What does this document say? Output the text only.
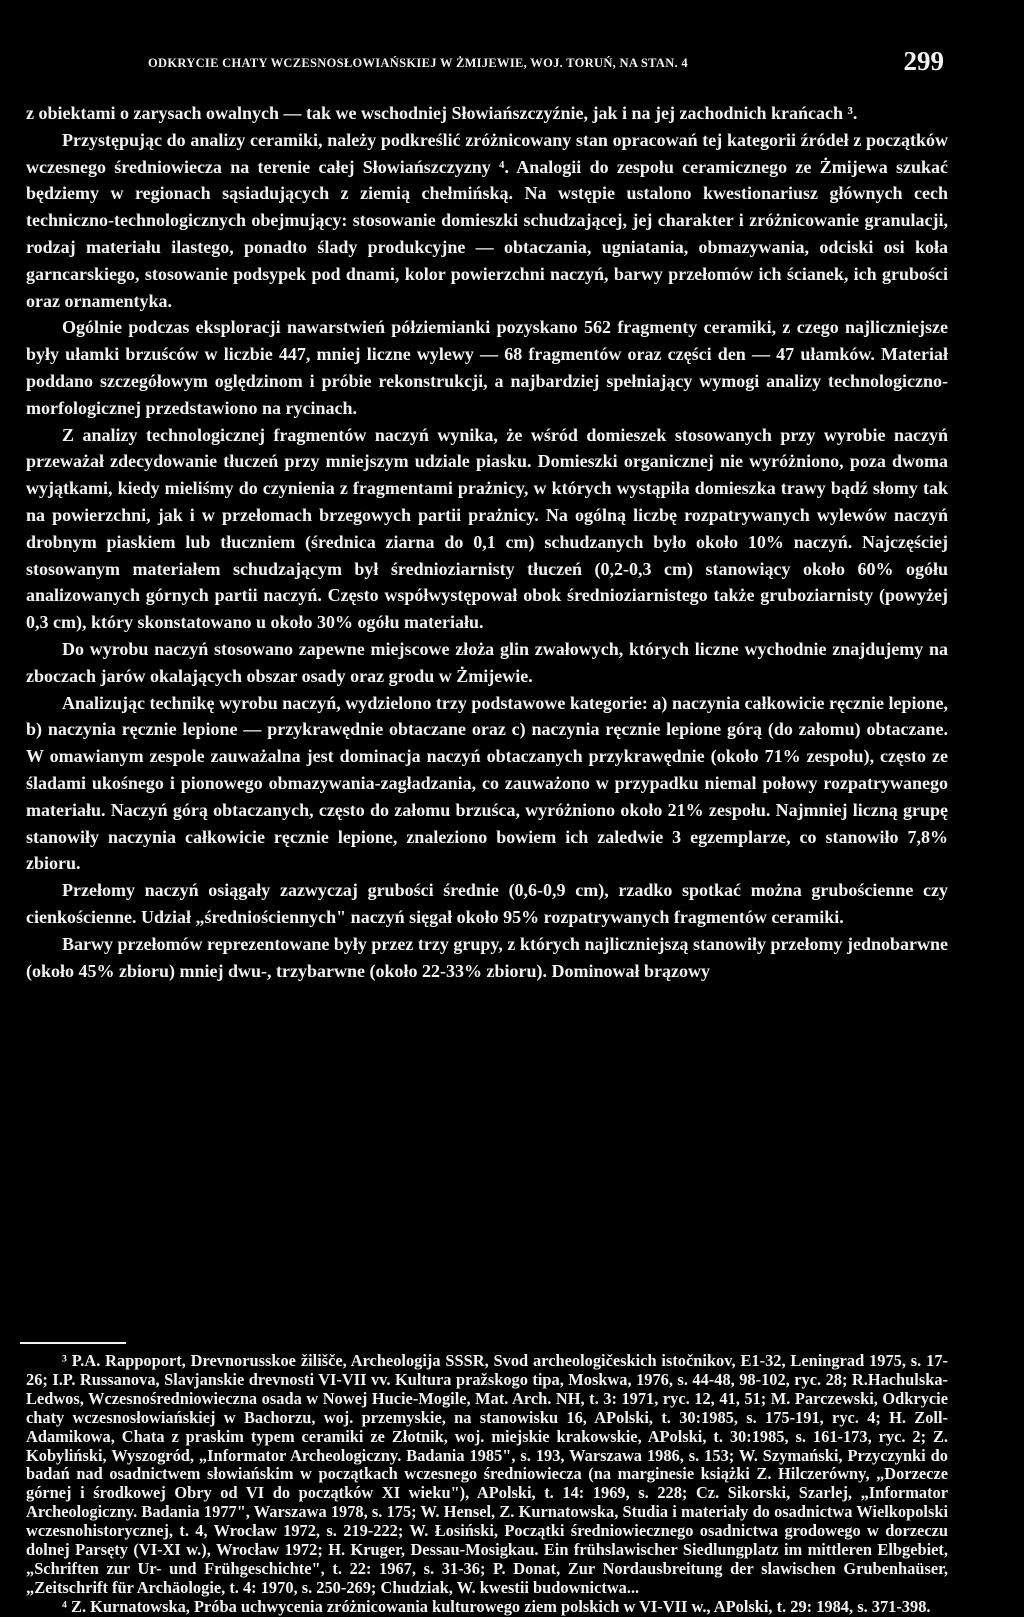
ODKRYCIE CHATY WCZESNOSŁOWIAŃSKIEJ W ŻMIJEWIE, WOJ. TORUŃ, NA STAN. 4	299

z obiektami o zarysach owalnych — tak we wschodniej Słowiańszczyźnie, jak i na jej zachodnich krańcach ³.

Przystępując do analizy ceramiki, należy podkreślić zróżnicowany stan opracowań tej kategorii źródeł z początków wczesnego średniowiecza na terenie całej Słowiańszczyzny ⁴. Analogii do zespołu ceramicznego ze Żmijewa szukać będziemy w regionach sąsiadujących z ziemią chełmińską. Na wstępie ustalono kwestionariusz głównych cech techniczno-technologicznych obejmujący: stosowanie domieszki schudzającej, jej charakter i zróżnicowanie granulacji, rodzaj materiału ilastego, ponadto ślady produkcyjne — obtaczania, ugniatania, obmazywania, odciski osi koła garncarskiego, stosowanie podsypek pod dnami, kolor powierzchni naczyń, barwy przełomów ich ścianek, ich grubości oraz ornamentyka.

Ogólnie podczas eksploracji nawarstwień półziemianki pozyskano 562 fragmenty ceramiki, z czego najliczniejsze były ułamki brzuśców w liczbie 447, mniej liczne wylewy — 68 fragmentów oraz części den — 47 ułamków. Materiał poddano szczegółowym oględzinom i próbie rekonstrukcji, a najbardziej spełniający wymogi analizy technologiczno-morfologicznej przedstawiono na rycinach.

Z analizy technologicznej fragmentów naczyń wynika, że wśród domieszek stosowanych przy wyrobie naczyń przeważał zdecydowanie tłuczeń przy mniejszym udziale piasku. Domieszki organicznej nie wyróżniono, poza dwoma wyjątkami, kiedy mieliśmy do czynienia z fragmentami prażnicy, w których wystąpiła domieszka trawy bądź słomy tak na powierzchni, jak i w przełomach brzegowych partii prażnicy. Na ogólną liczbę rozpatrywanych wylewów naczyń drobnym piaskiem lub tłuczniem (średnica ziarna do 0,1 cm) schudzanych było około 10% naczyń. Najczęściej stosowanym materiałem schudzającym był średnioziarnisty tłuczeń (0,2-0,3 cm) stanowiący około 60% ogółu analizowanych górnych partii naczyń. Często współwystępował obok średnioziarnistego także gruboziarnisty (powyżej 0,3 cm), który skonstatowano u około 30% ogółu materiału.

Do wyrobu naczyń stosowano zapewne miejscowe złoża glin zwałowych, których liczne wychodnie znajdujemy na zboczach jarów okalających obszar osady oraz grodu w Żmijewie.

Analizując technikę wyrobu naczyń, wydzielono trzy podstawowe kategorie: a) naczynia całkowicie ręcznie lepione, b) naczynia ręcznie lepione — przykrawędnie obtaczane oraz c) naczynia ręcznie lepione górą (do załomu) obtaczane. W omawianym zespole zauważalna jest dominacja naczyń obtaczanych przykrawędnie (około 71% zespołu), często ze śladami ukośnego i pionowego obmazywania-zagładzania, co zauważono w przypadku niemal połowy rozpatrywanego materiału. Naczyń górą obtaczanych, często do załomu brzuśca, wyróżniono około 21% zespołu. Najmniej liczną grupę stanowiły naczynia całkowicie ręcznie lepione, znaleziono bowiem ich zaledwie 3 egzemplarze, co stanowiło 7,8% zbioru.

Przełomy naczyń osiągały zazwyczaj grubości średnie (0,6-0,9 cm), rzadko spotkać można grubościenne czy cienkościenne. Udział „średniościennych" naczyń sięgał około 95% rozpatrywanych fragmentów ceramiki.

Barwy przełomów reprezentowane były przez trzy grupy, z których najliczniejszą stanowiły przełomy jednobarwne (około 45% zbioru) mniej dwu-, trzybarwne (około 22-33% zbioru). Dominował brązowy

³ P.A. Rappoport, Drevnorusskoe žilišče, Archeologija SSSR, Svod archeologičeskich istočnikov, E1-32, Leningrad 1975, s. 17-26; I.P. Russanova, Slavjanskie drevnosti VI-VII vv. Kultura pražskogo tipa, Moskwa, 1976, s. 44-48, 98-102, ryc. 28; R.Hachulska-Ledwos, Wczesnośredniowieczna osada w Nowej Hucie-Mogile, Mat. Arch. NH, t. 3: 1971, ryc. 12, 41, 51; M. Parczewski, Odkrycie chaty wczesnosłowiańskiej w Bachorzu, woj. przemyskie, na stanowisku 16, APolski, t. 30:1985, s. 175-191, ryc. 4; H. Zoll-Adamikowa, Chata z praskim typem ceramiki ze Złotnik, woj. miejskie krakowskie, APolski, t. 30:1985, s. 161-173, ryc. 2; Z. Kobyliński, Wyszogród, „Informator Archeologiczny. Badania 1985", s. 193, Warszawa 1986, s. 153; W. Szymański, Przyczynki do badań nad osadnictwem słowiańskim w początkach wczesnego średniowiecza (na marginesie książki Z. Hilczerówny, „Dorzecze górnej i środkowej Obry od VI do początków XI wieku"), APolski, t. 14: 1969, s. 228; Cz. Sikorski, Szarlej, „Informator Archeologiczny. Badania 1977", Warszawa 1978, s. 175; W. Hensel, Z. Kurnatowska, Studia i materiały do osadnictwa Wielkopolski wczesnohistorycznej, t. 4, Wrocław 1972, s. 219-222; W. Łosiński, Początki średniowiecznego osadnictwa grodowego w dorzeczu dolnej Parsęty (VI-XI w.), Wrocław 1972; H. Kruger, Dessau-Mosigkau. Ein frühslawischer Siedlungplatz im mittleren Elbgebiet, „Schriften zur Ur- und Frühgeschichte", t. 22: 1967, s. 31-36; P. Donat, Zur Nordausbreitung der slawischen Grubenhaüser, „Zeitschrift für Archäologie, t. 4: 1970, s. 250-269; Chudziak, W. kwestii budownictwa...

⁴ Z. Kurnatowska, Próba uchwycenia zróżnicowania kulturowego ziem polskich w VI-VII w., APolski, t. 29: 1984, s. 371-398.
